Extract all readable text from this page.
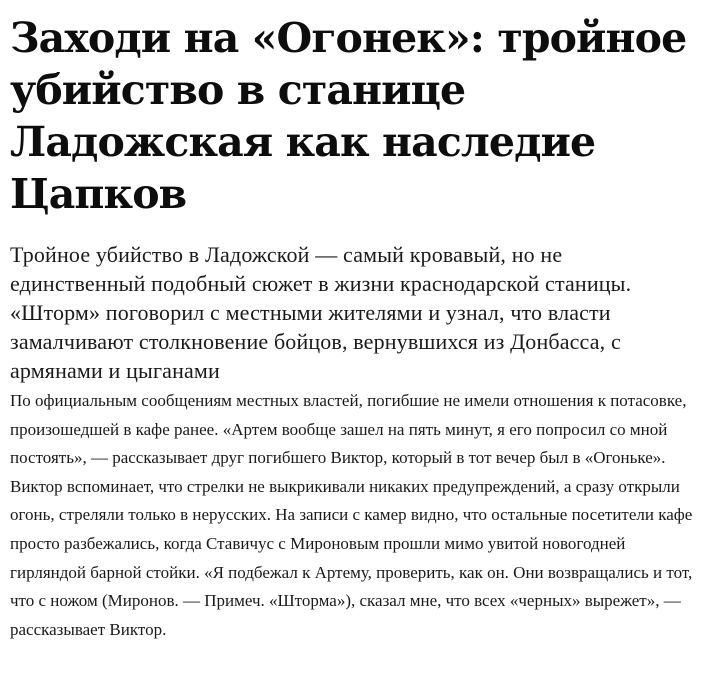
Заходи на «Огонек»: тройное убийство в станице Ладожская как наследие Цапков

Тройное убийство в Ладожской — самый кровавый, но не единственный подобный сюжет в жизни краснодарской станицы. «Шторм» поговорил с местными жителями и узнал, что власти замалчивают столкновение бойцов, вернувшихся из Донбасса, с армянами и цыганами

По официальным сообщениям местных властей, погибшие не имели отношения к потасовке, произошедшей в кафе ранее. «Артем вообще зашел на пять минут, я его попросил со мной постоять», — рассказывает друг погибшего Виктор, который в тот вечер был в «Огоньке». Виктор вспоминает, что стрелки не выкрикивали никаких предупреждений, а сразу открыли огонь, стреляли только в нерусских. На записи с камер видно, что остальные посетители кафе просто разбежались, когда Ставичус с Мироновым прошли мимо увитой новогодней гирляндой барной стойки. «Я подбежал к Артему, проверить, как он. Они возвращались и тот, что с ножом (Миронов. — Примеч. «Шторма»), сказал мне, что всех «черных» вырежет», — рассказывает Виктор.
